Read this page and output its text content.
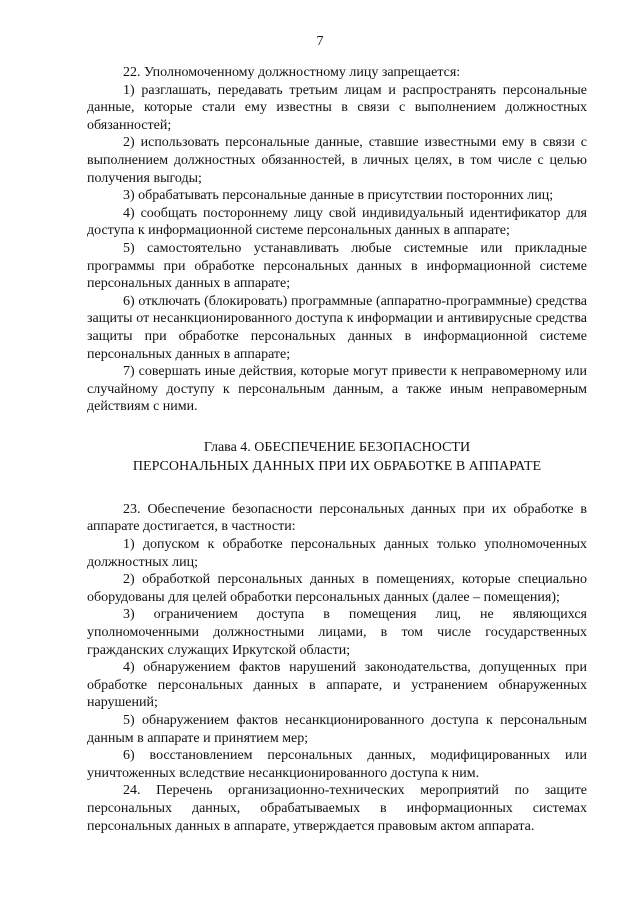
7

22. Уполномоченному должностному лицу запрещается:

1) разглашать, передавать третьим лицам и распространять персональные данные, которые стали ему известны в связи с выполнением должностных обязанностей;

2) использовать персональные данные, ставшие известными ему в связи с выполнением должностных обязанностей, в личных целях, в том числе с целью получения выгоды;

3) обрабатывать персональные данные в присутствии посторонних лиц;

4) сообщать постороннему лицу свой индивидуальный идентификатор для доступа к информационной системе персональных данных в аппарате;

5) самостоятельно устанавливать любые системные или прикладные программы при обработке персональных данных в информационной системе персональных данных в аппарате;

6) отключать (блокировать) программные (аппаратно-программные) средства защиты от несанкционированного доступа к информации и антивирусные средства защиты при обработке персональных данных в информационной системе персональных данных в аппарате;

7) совершать иные действия, которые могут привести к неправомерному или случайному доступу к персональным данным, а также иным неправомерным действиям с ними.

Глава 4. ОБЕСПЕЧЕНИЕ БЕЗОПАСНОСТИ
ПЕРСОНАЛЬНЫХ ДАННЫХ ПРИ ИХ ОБРАБОТКЕ В АППАРАТЕ

23. Обеспечение безопасности персональных данных при их обработке в аппарате достигается, в частности:

1) допуском к обработке персональных данных только уполномоченных должностных лиц;

2) обработкой персональных данных в помещениях, которые специально оборудованы для целей обработки персональных данных (далее – помещения);

3) ограничением доступа в помещения лиц, не являющихся уполномоченными должностными лицами, в том числе государственных гражданских служащих Иркутской области;

4) обнаружением фактов нарушений законодательства, допущенных при обработке персональных данных в аппарате, и устранением обнаруженных нарушений;

5) обнаружением фактов несанкционированного доступа к персональным данным в аппарате и принятием мер;

6) восстановлением персональных данных, модифицированных или уничтоженных вследствие несанкционированного доступа к ним.

24. Перечень организационно-технических мероприятий по защите персональных данных, обрабатываемых в информационных системах персональных данных в аппарате, утверждается правовым актом аппарата.
